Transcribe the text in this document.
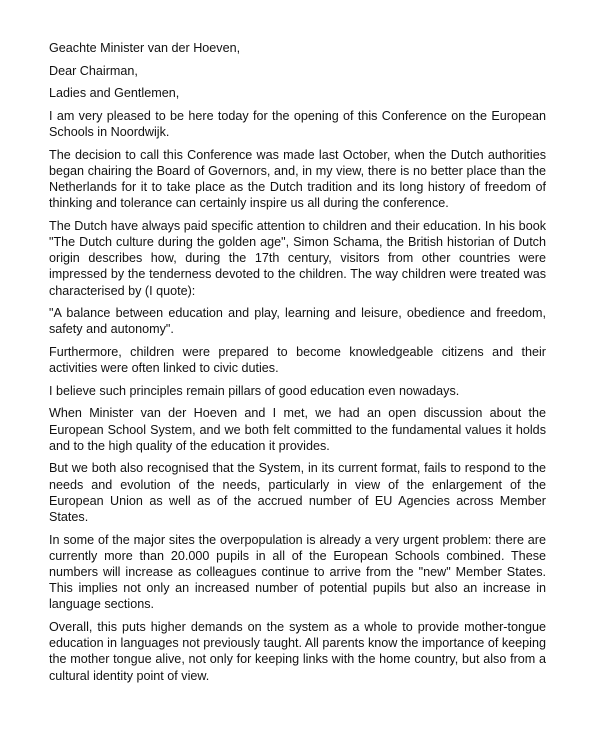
Geachte Minister van der Hoeven,

Dear Chairman,

Ladies and Gentlemen,

I am very pleased to be here today for the opening of this Conference on the European Schools in Noordwijk.

The decision to call this Conference was made last October, when the Dutch authorities began chairing the Board of Governors, and, in my view, there is no better place than the Netherlands for it to take place as the Dutch tradition and its long history of freedom of thinking and tolerance can certainly inspire us all during the conference.

The Dutch have always paid specific attention to children and their education. In his book "The Dutch culture during the golden age", Simon Schama, the British historian of Dutch origin describes how, during the 17th century, visitors from other countries were impressed by the tenderness devoted to the children. The way children were treated was characterised by (I quote):

"A balance between education and play, learning and leisure, obedience and freedom, safety and autonomy".

Furthermore, children were prepared to become knowledgeable citizens and their activities were often linked to civic duties.

I believe such principles remain pillars of good education even nowadays.

When Minister van der Hoeven and I met, we had an open discussion about the European School System, and we both felt committed to the fundamental values it holds and to the high quality of the education it provides.

But we both also recognised that the System, in its current format, fails to respond to the needs and evolution of the needs, particularly in view of the enlargement of the European Union as well as of the accrued number of EU Agencies across Member States.

In some of the major sites the overpopulation is already a very urgent problem: there are currently more than 20.000 pupils in all of the European Schools combined. These numbers will increase as colleagues continue to arrive from the "new" Member States. This implies not only an increased number of potential pupils but also an increase in language sections.

Overall, this puts higher demands on the system as a whole to provide mother-tongue education in languages not previously taught. All parents know the importance of keeping the mother tongue alive, not only for keeping links with the home country, but also from a cultural identity point of view.
